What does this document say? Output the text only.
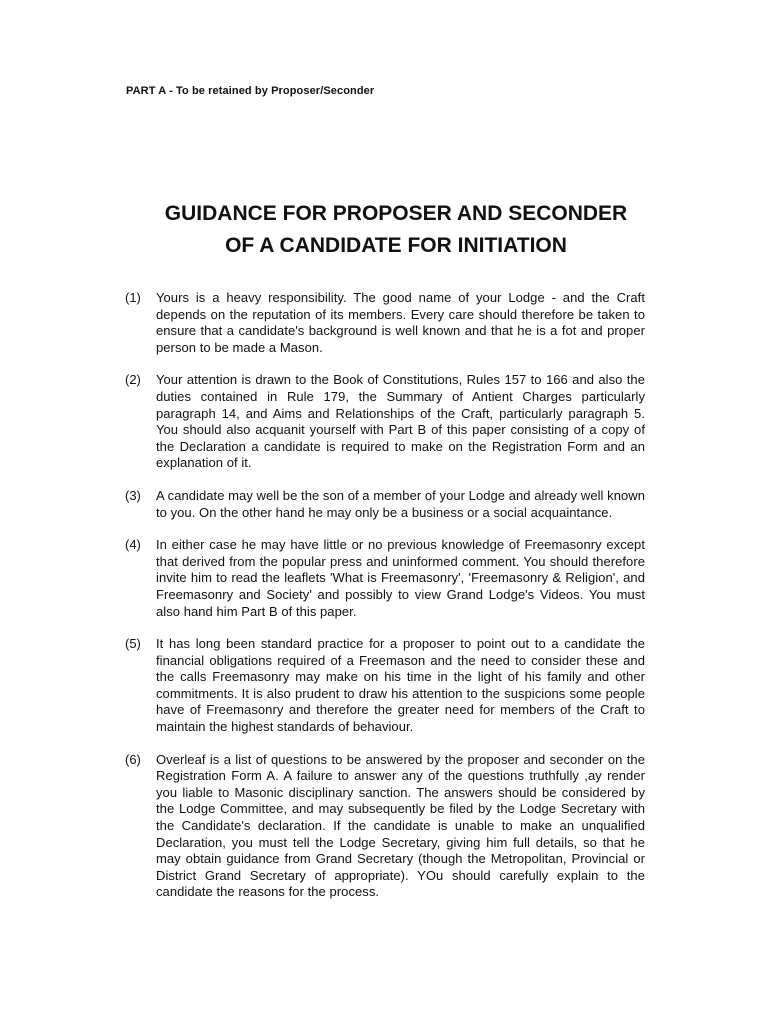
PART A - To be retained by Proposer/Seconder
GUIDANCE FOR PROPOSER AND SECONDER
OF A CANDIDATE FOR INITIATION
(1)	Yours is a heavy responsibility. The good name of your Lodge - and the Craft depends on the reputation of its members. Every care should therefore be taken to ensure that a candidate's background is well known and that he is a fot and proper person to be made a Mason.
(2)	Your attention is drawn to the Book of Constitutions, Rules 157 to 166 and also the duties contained in Rule 179, the Summary of Antient Charges particularly paragraph 14, and Aims and Relationships of the Craft, particularly paragraph 5. You should also acquanit yourself with Part B of this paper consisting of a copy of the Declaration a candidate is required to make on the Registration Form and an explanation of it.
(3)	A candidate may well be the son of a member of your Lodge and already well known to you. On the other hand he may only be a business or a social acquaintance.
(4)	In either case he may have little or no previous knowledge of Freemasonry except that derived from the popular press and uninformed comment. You should therefore invite him to read the leaflets 'What is Freemasonry', 'Freemasonry & Religion', and Freemasonry and Society' and possibly to view Grand Lodge's Videos. You must also hand him Part B of this paper.
(5)	It has long been standard practice for a proposer to point out to a candidate the financial obligations required of a Freemason and the need to consider these and the calls Freemasonry may make on his time in the light of his family and other commitments. It is also prudent to draw his attention to the suspicions some people have of Freemasonry and therefore the greater need for members of the Craft to maintain the highest standards of behaviour.
(6)	Overleaf is a list of questions to be answered by the proposer and seconder on the Registration Form A. A failure to answer any of the questions truthfully ,ay render you liable to Masonic disciplinary sanction. The answers should be considered by the Lodge Committee, and may subsequently be filed by the Lodge Secretary with the Candidate's declaration. If the candidate is unable to make an unqualified Declaration, you must tell the Lodge Secretary, giving him full details, so that he may obtain guidance from Grand Secretary (though the Metropolitan, Provincial or District Grand Secretary of appropriate). YOu should carefully explain to the candidate the reasons for the process.
